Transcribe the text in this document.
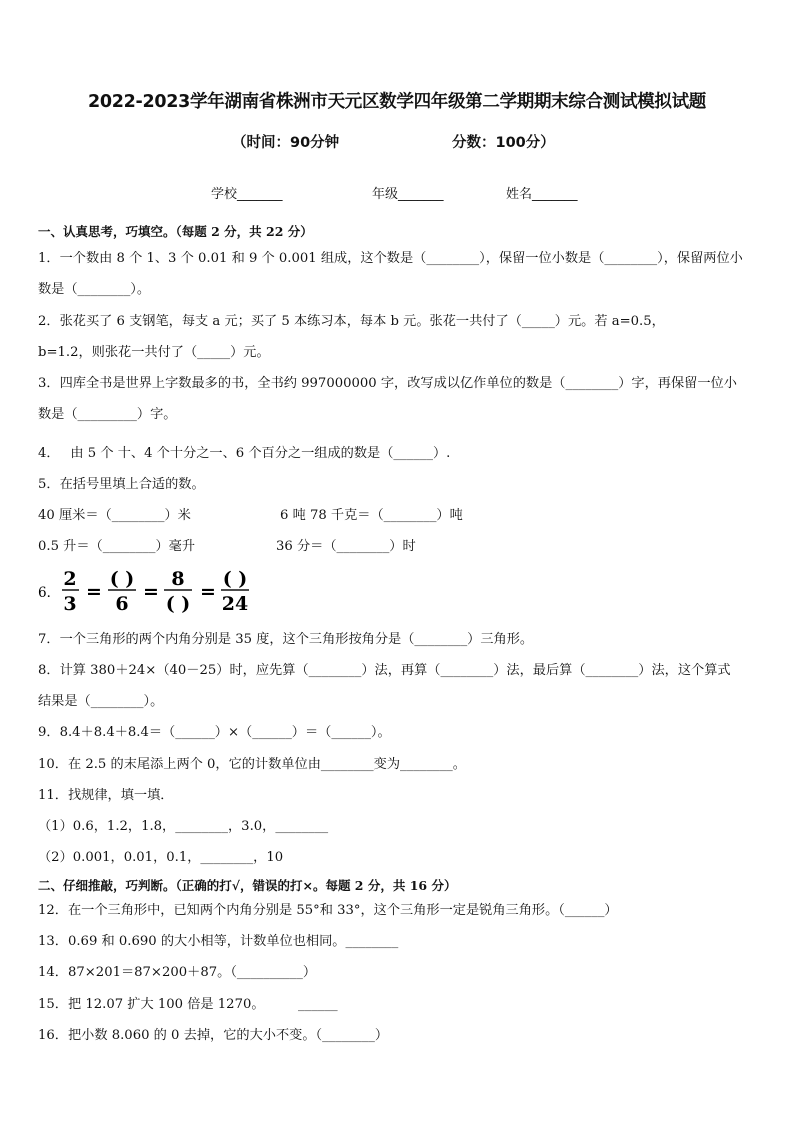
2022-2023学年湖南省株洲市天元区数学四年级第二学期期末综合测试模拟试题
（时间：90分钟	分数：100分）
学校_______	年级_______	姓名_______
一、认真思考，巧填空。（每题 2 分，共 22 分）
1．一个数由 8 个 1、3 个 0.01 和 9 个 0.001 组成，这个数是（________），保留一位小数是（________），保留两位小
数是（________）。
2．张花买了 6 支钢笔，每支 a 元；买了 5 本练习本，每本 b 元。张花一共付了（_____）元。若 a=0.5，
b=1.2，则张花一共付了（_____）元。
3．四库全书是世界上字数最多的书，全书约 997000000 字，改写成以亿作单位的数是（________）字，再保留一位小
数是（_________）字。
4．　 由 5 个 十、4 个十分之一、6 个百分之一组成的数是（______）.
5．在括号里填上合适的数。
40 厘米＝（________）米	6 吨 78 千克＝（________）吨
0.5 升＝（________）毫升	36 分＝（________）时
6．
2
3
=
( )
6
=
8
( )
=
( )
24
7．一个三角形的两个内角分别是 35 度，这个三角形按角分是（________）三角形。
8．计算 380＋24×（40－25）时，应先算（________）法，再算（________）法，最后算（________）法，这个算式
结果是（________）。
9．8.4＋8.4＋8.4＝（______）×（______）＝（______）。
10．在 2.5 的末尾添上两个 0，它的计数单位由________变为________。
11．找规律，填一填．
（1）0.6，1.2，1.8，________，3.0，________
（2）0.001，0.01，0.1，________，10
二、仔细推敲，巧判断。（正确的打√，错误的打×。每题 2 分，共 16 分）
12．在一个三角形中，已知两个内角分别是 55°和 33°，这个三角形一定是锐角三角形。（______）
13．0.69 和 0.690 的大小相等，计数单位也相同。________
14．87×201＝87×200＋87。（__________）
15．把 12.07 扩大 100 倍是 1270。	______
16．把小数 8.060 的 0 去掉，它的大小不变。（________）
